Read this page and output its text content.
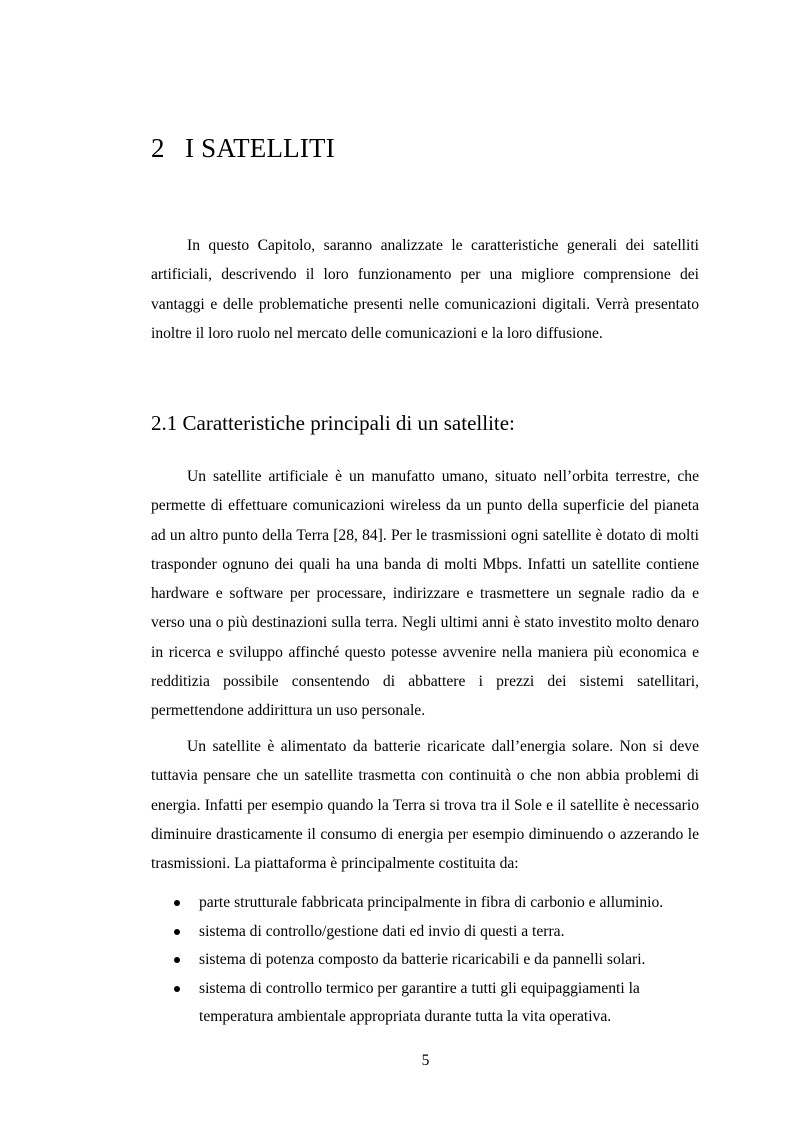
2 I SATELLITI

In questo Capitolo, saranno analizzate le caratteristiche generali dei satelliti artificiali, descrivendo il loro funzionamento per una migliore comprensione dei vantaggi e delle problematiche presenti nelle comunicazioni digitali. Verrà presentato inoltre il loro ruolo nel mercato delle comunicazioni e la loro diffusione.

2.1 Caratteristiche principali di un satellite:

Un satellite artificiale è un manufatto umano, situato nell’orbita terrestre, che permette di effettuare comunicazioni wireless da un punto della superficie del pianeta ad un altro punto della Terra [28, 84]. Per le trasmissioni ogni satellite è dotato di molti trasponder ognuno dei quali ha una banda di molti Mbps. Infatti un satellite contiene hardware e software per processare, indirizzare e trasmettere un segnale radio da e verso una o più destinazioni sulla terra. Negli ultimi anni è stato investito molto denaro in ricerca e sviluppo affinché questo potesse avvenire nella maniera più economica e redditizia possibile consentendo di abbattere i prezzi dei sistemi satellitari, permettendone addirittura un uso personale.

Un satellite è alimentato da batterie ricaricate dall’energia solare. Non si deve tuttavia pensare che un satellite trasmetta con continuità o che non abbia problemi di energia. Infatti per esempio quando la Terra si trova tra il Sole e il satellite è necessario diminuire drasticamente il consumo di energia per esempio diminuendo o azzerando le trasmissioni. La piattaforma è principalmente costituita da:

parte strutturale fabbricata principalmente in fibra di carbonio e alluminio.
sistema di controllo/gestione dati ed invio di questi a terra.
sistema di potenza composto da batterie ricaricabili e da pannelli solari.
sistema di controllo termico per garantire a tutti gli equipaggiamenti la temperatura ambientale appropriata durante tutta la vita operativa.
5
